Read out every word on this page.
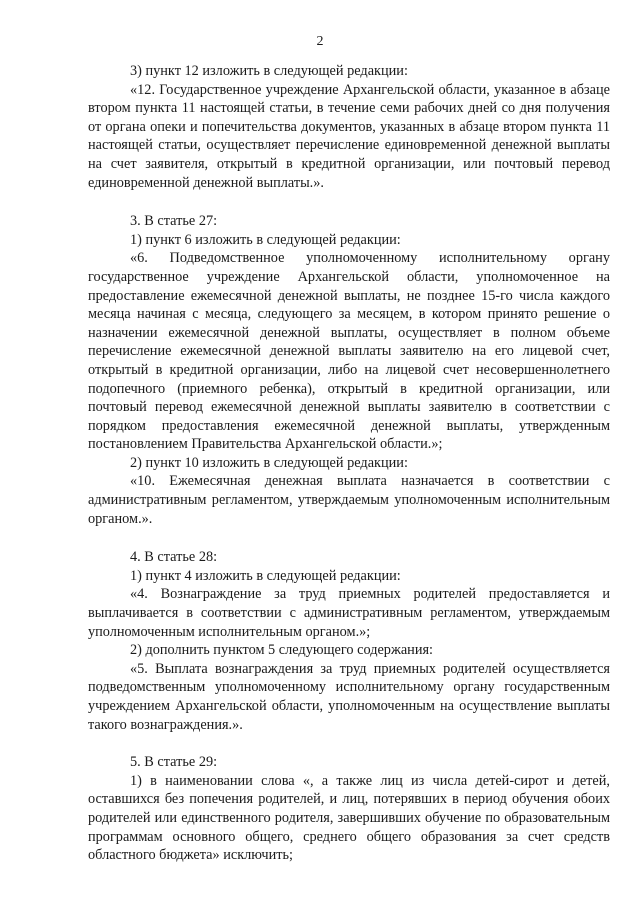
2

3) пункт 12 изложить в следующей редакции:

«12. Государственное учреждение Архангельской области, указанное в абзаце втором пункта 11 настоящей статьи, в течение семи рабочих дней со дня получения от органа опеки и попечительства документов, указанных в абзаце втором пункта 11 настоящей статьи, осуществляет перечисление единовременной денежной выплаты на счет заявителя, открытый в кредитной организации, или почтовый перевод единовременной денежной выплаты.».

3. В статье 27:

1) пункт 6 изложить в следующей редакции:

«6. Подведомственное уполномоченному исполнительному органу государственное учреждение Архангельской области, уполномоченное на предоставление ежемесячной денежной выплаты, не позднее 15-го числа каждого месяца начиная с месяца, следующего за месяцем, в котором принято решение о назначении ежемесячной денежной выплаты, осуществляет в полном объеме перечисление ежемесячной денежной выплаты заявителю на его лицевой счет, открытый в кредитной организации, либо на лицевой счет несовершеннолетнего подопечного (приемного ребенка), открытый в кредитной организации, или почтовый перевод ежемесячной денежной выплаты заявителю в соответствии с порядком предоставления ежемесячной денежной выплаты, утвержденным постановлением Правительства Архангельской области.»;

2) пункт 10 изложить в следующей редакции:

«10. Ежемесячная денежная выплата назначается в соответствии с административным регламентом, утверждаемым уполномоченным исполнительным органом.».

4. В статье 28:

1) пункт 4 изложить в следующей редакции:

«4. Вознаграждение за труд приемных родителей предоставляется и выплачивается в соответствии с административным регламентом, утверждаемым уполномоченным исполнительным органом.»;

2) дополнить пунктом 5 следующего содержания:

«5. Выплата вознаграждения за труд приемных родителей осуществляется подведомственным уполномоченному исполнительному органу государственным учреждением Архангельской области, уполномоченным на осуществление выплаты такого вознаграждения.».

5. В статье 29:

1) в наименовании слова «, а также лиц из числа детей-сирот и детей, оставшихся без попечения родителей, и лиц, потерявших в период обучения обоих родителей или единственного родителя, завершивших обучение по образовательным программам основного общего, среднего общего образования за счет средств областного бюджета» исключить;
